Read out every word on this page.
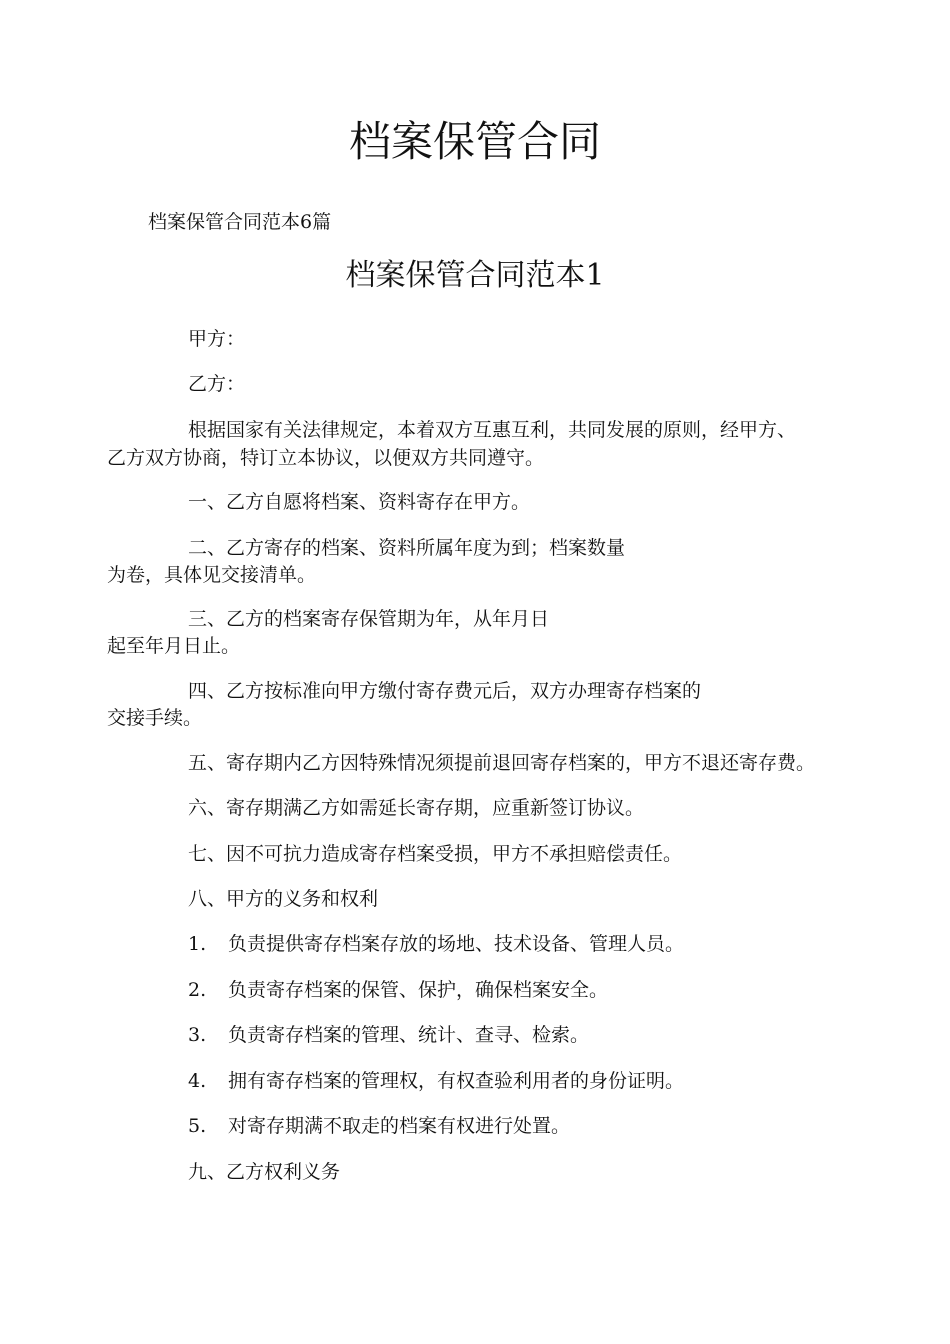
档案保管合同

档案保管合同范本6篇

档案保管合同范本1

甲方：

乙方：

根据国家有关法律规定，本着双方互惠互利，共同发展的原则，经甲方、

乙方双方协商，特订立本协议，以便双方共同遵守。

一、乙方自愿将档案、资料寄存在甲方。

二、乙方寄存的档案、资料所属年度为到；档案数量

为卷，具体见交接清单。

三、乙方的档案寄存保管期为年，从年月日

起至年月日止。

四、乙方按标准向甲方缴付寄存费元后，双方办理寄存档案的

交接手续。

五、寄存期内乙方因特殊情况须提前退回寄存档案的，甲方不退还寄存费。

六、寄存期满乙方如需延长寄存期，应重新签订协议。

七、因不可抗力造成寄存档案受损，甲方不承担赔偿责任。

八、甲方的义务和权利

1. 负责提供寄存档案存放的场地、技术设备、管理人员。

2. 负责寄存档案的保管、保护，确保档案安全。

3. 负责寄存档案的管理、统计、查寻、检索。

4. 拥有寄存档案的管理权，有权查验利用者的身份证明。

5. 对寄存期满不取走的档案有权进行处置。

九、乙方权利义务
